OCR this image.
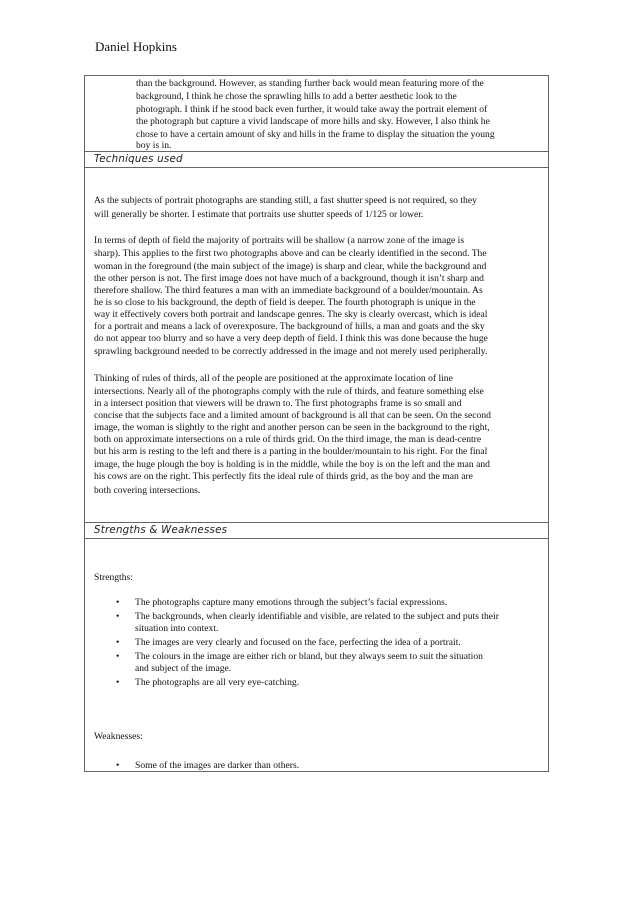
Daniel Hopkins
than the background. However, as standing further back would mean featuring more of the
background, I think he chose the sprawling hills to add a better aesthetic look to the
photograph. I think if he stood back even further, it would take away the portrait element of
the photograph but capture a vivid landscape of more hills and sky. However, I also think he
chose to have a certain amount of sky and hills in the frame to display the situation the young
boy is in.
Techniques used
As the subjects of portrait photographs are standing still, a fast shutter speed is not required, so they
will generally be shorter. I estimate that portraits use shutter speeds of 1/125 or lower.
In terms of depth of field the majority of portraits will be shallow (a narrow zone of the image is
sharp). This applies to the first two photographs above and can be clearly identified in the second. The
woman in the foreground (the main subject of the image) is sharp and clear, while the background and
the other person is not. The first image does not have much of a background, though it isn’t sharp and
therefore shallow. The third features a man with an immediate background of a boulder/mountain. As
he is so close to his background, the depth of field is deeper. The fourth photograph is unique in the
way it effectively covers both portrait and landscape genres. The sky is clearly overcast, which is ideal
for a portrait and means a lack of overexposure. The background of hills, a man and goats and the sky
do not appear too blurry and so have a very deep depth of field. I think this was done because the huge
sprawling background needed to be correctly addressed in the image and not merely used peripherally.
Thinking of rules of thirds, all of the people are positioned at the approximate location of line
intersections. Nearly all of the photographs comply with the rule of thirds, and feature something else
in a intersect position that viewers will be drawn to. The first photographs frame is so small and
concise that the subjects face and a limited amount of background is all that can be seen. On the second
image, the woman is slightly to the right and another person can be seen in the background to the right,
both on approximate intersections on a rule of thirds grid. On the third image, the man is dead-centre
but his arm is resting to the left and there is a parting in the boulder/mountain to his right. For the final
image, the huge plough the boy is holding is in the middle, while the boy is on the left and the man and
his cows are on the right. This perfectly fits the ideal rule of thirds grid, as the boy and the man are
both covering intersections.
Strengths & Weaknesses
Strengths:
• The photographs capture many emotions through the subject’s facial expressions.
• The backgrounds, when clearly identifiable and visible, are related to the subject and puts their
situation into context.
• The images are very clearly and focused on the face, perfecting the idea of a portrait.
• The colours in the image are either rich or bland, but they always seem to suit the situation
and subject of the image.
• The photographs are all very eye-catching.
Weaknesses:
• Some of the images are darker than others.
